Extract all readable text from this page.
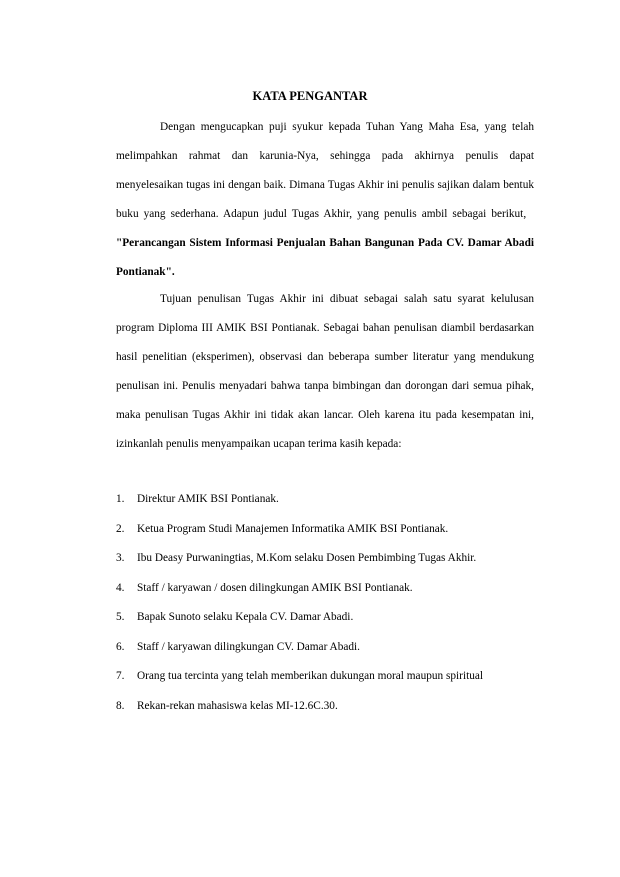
KATA PENGANTAR
Dengan mengucapkan puji syukur kepada Tuhan Yang Maha Esa, yang telah melimpahkan rahmat dan karunia-Nya, sehingga pada akhirnya penulis dapat menyelesaikan tugas ini dengan baik. Dimana Tugas Akhir ini penulis sajikan dalam bentuk buku yang sederhana. Adapun judul Tugas Akhir, yang penulis ambil sebagai berikut,   "Perancangan Sistem Informasi Penjualan Bahan Bangunan Pada CV. Damar Abadi Pontianak".
Tujuan penulisan Tugas Akhir ini dibuat sebagai salah satu syarat kelulusan program Diploma III AMIK BSI Pontianak. Sebagai bahan penulisan diambil berdasarkan hasil penelitian (eksperimen), observasi dan beberapa sumber literatur yang mendukung penulisan ini. Penulis menyadari bahwa tanpa bimbingan dan dorongan dari semua pihak, maka penulisan Tugas Akhir ini tidak akan lancar. Oleh karena itu pada kesempatan ini, izinkanlah penulis menyampaikan ucapan terima kasih kepada:
1. Direktur AMIK BSI Pontianak.
2. Ketua Program Studi Manajemen Informatika AMIK BSI Pontianak.
3. Ibu Deasy Purwaningtias, M.Kom selaku Dosen Pembimbing Tugas Akhir.
4. Staff / karyawan / dosen dilingkungan AMIK BSI Pontianak.
5. Bapak Sunoto selaku Kepala CV. Damar Abadi.
6. Staff / karyawan dilingkungan CV. Damar Abadi.
7. Orang tua tercinta yang telah memberikan dukungan moral maupun spiritual
8. Rekan-rekan mahasiswa kelas MI-12.6C.30.
